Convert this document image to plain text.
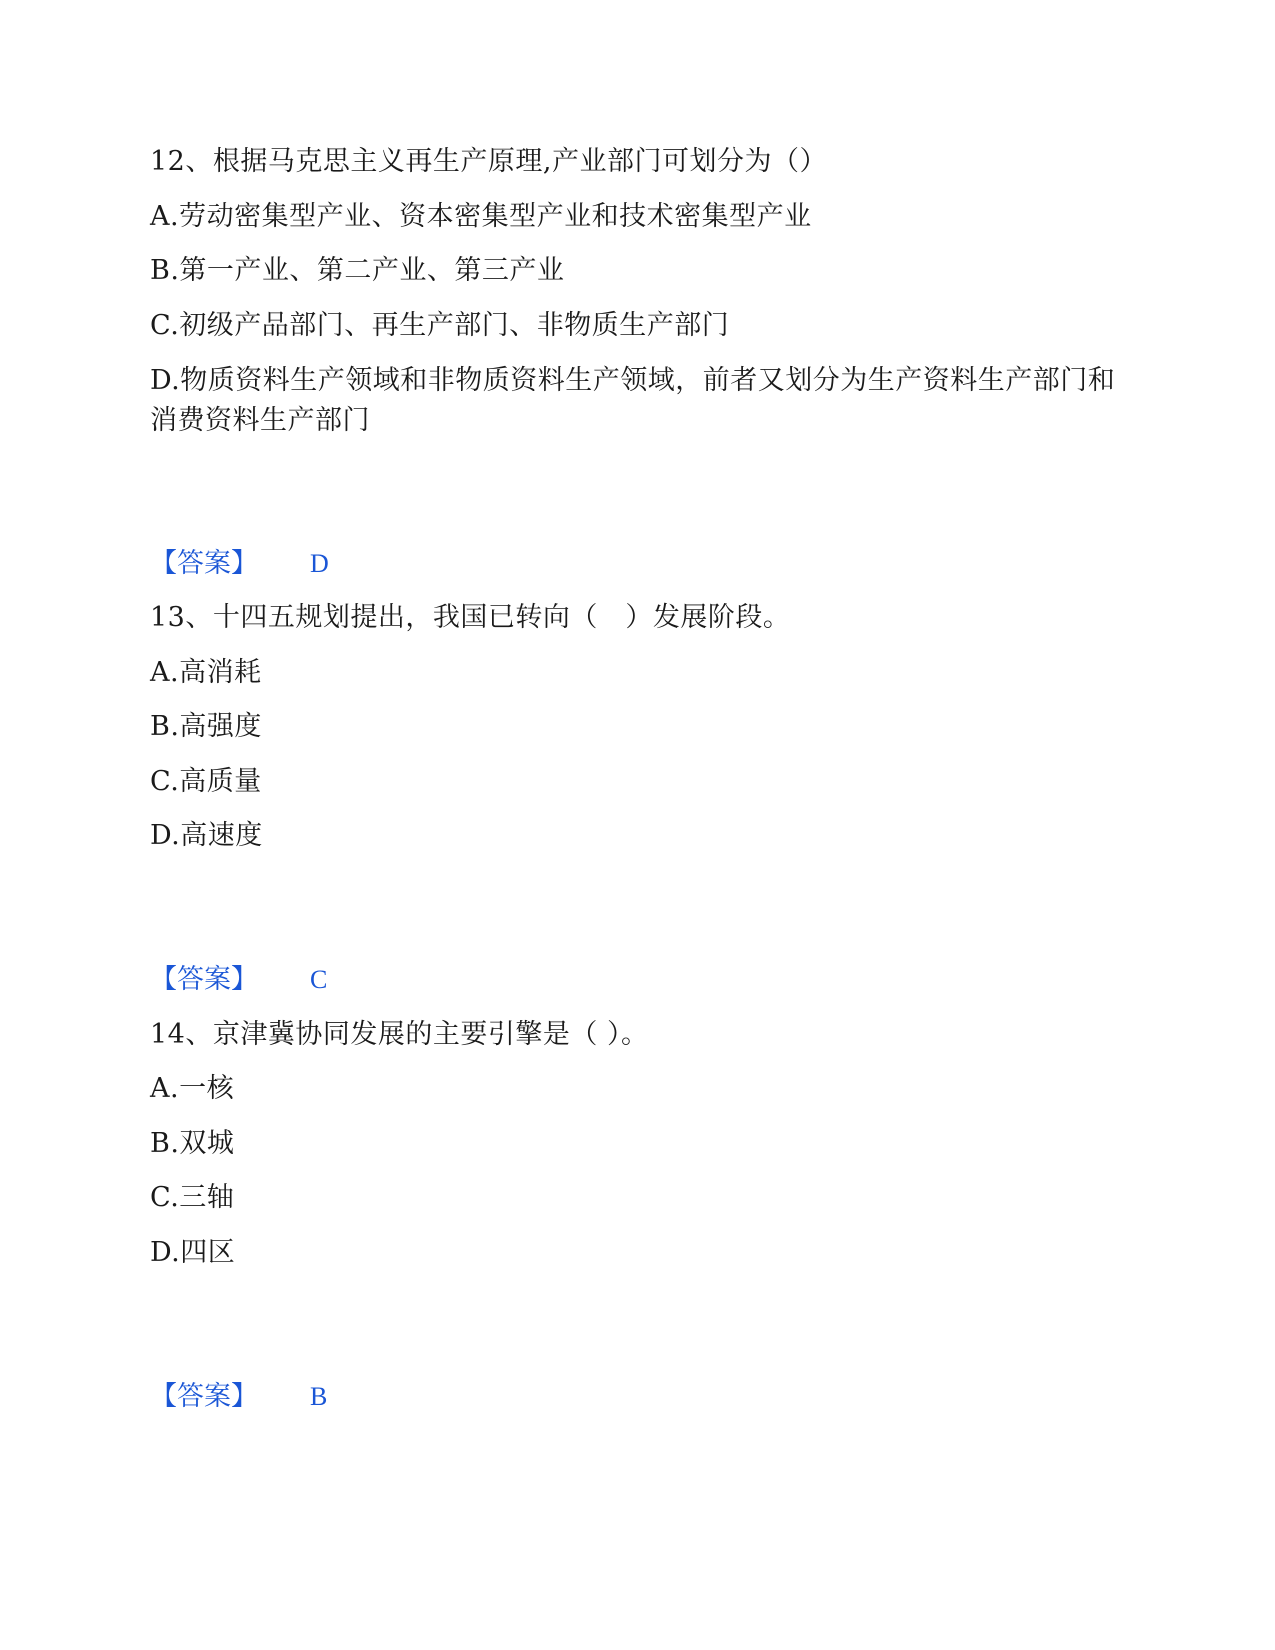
12、根据马克思主义再生产原理,产业部门可划分为（）
A.劳动密集型产业、资本密集型产业和技术密集型产业
B.第一产业、第二产业、第三产业
C.初级产品部门、再生产部门、非物质生产部门
D.物质资料生产领域和非物质资料生产领域，前者又划分为生产资料生产部门和消费资料生产部门
【答案】 D
13、十四五规划提出，我国已转向（　）发展阶段。
A.高消耗
B.高强度
C.高质量
D.高速度
【答案】 C
14、京津冀协同发展的主要引擎是（ ）。
A.一核
B.双城
C.三轴
D.四区
【答案】 B
